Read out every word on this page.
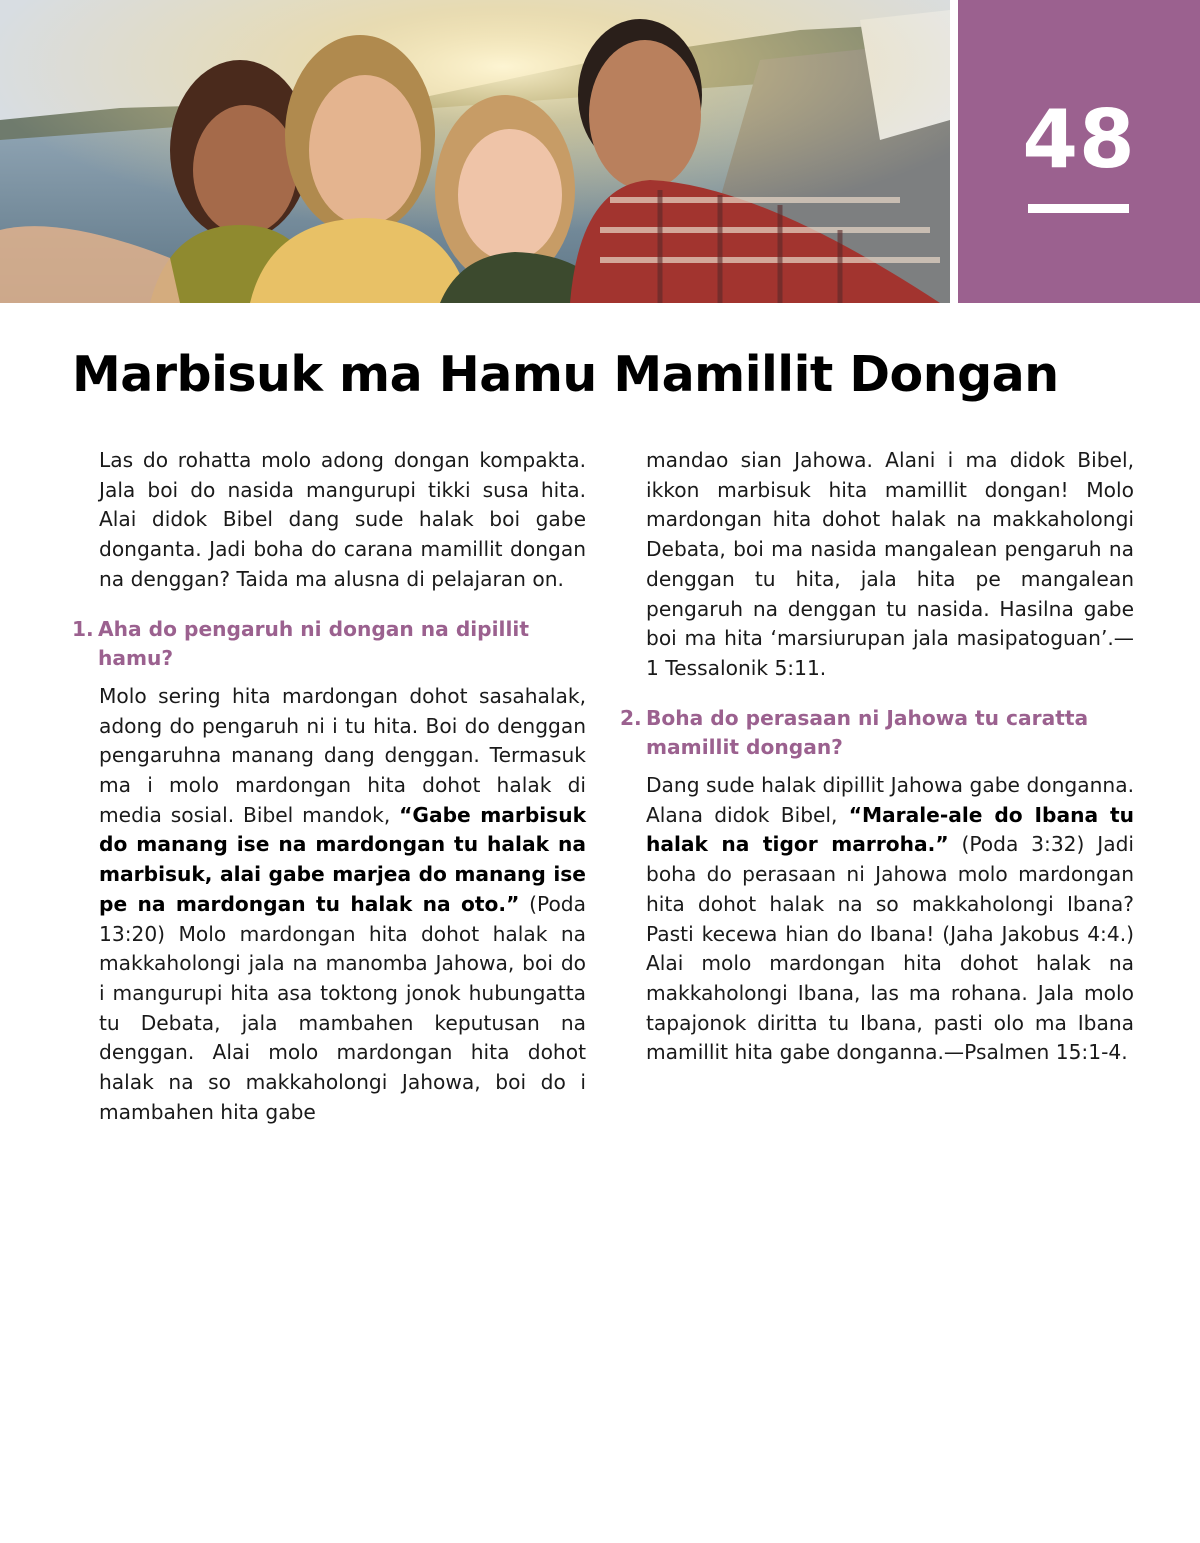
48
Marbisuk ma Hamu Mamillit Dongan

Las do rohatta molo adong dongan kompakta. Jala boi do nasida mangurupi tikki susa hita. Alai didok Bibel dang sude halak boi gabe donganta. Jadi boha do carana mamillit dongan na denggan? Taida ma alusna di pelajaran on.

1. Aha do pengaruh ni dongan na dipillit hamu?

Molo sering hita mardongan dohot sasahalak, adong do pengaruh ni i tu hita. Boi do denggan pengaruhna manang dang denggan. Termasuk ma i molo mardongan hita dohot halak di media sosial. Bibel mandok, “Gabe marbisuk do manang ise na mardongan tu halak na marbisuk, alai gabe marjea do manang ise pe na mardongan tu halak na oto.” (Poda 13:20) Molo mardongan hita dohot halak na makkaholongi jala na manomba Jahowa, boi do i mangurupi hita asa toktong jonok hubungatta tu Debata, jala mambahen keputusan na denggan. Alai molo mardongan hita dohot halak na so makkaholongi Jahowa, boi do i mambahen hita gabe

mandao sian Jahowa. Alani i ma didok Bibel, ikkon marbisuk hita mamillit dongan! Molo mardongan hita dohot halak na makkaholongi Debata, boi ma nasida mangalean pengaruh na denggan tu hita, jala hita pe mangalean pengaruh na denggan tu nasida. Hasilna gabe boi ma hita ‘marsiurupan jala masipatoguan’.—1 Tessalonik 5:11.

2. Boha do perasaan ni Jahowa tu caratta mamillit dongan?

Dang sude halak dipillit Jahowa gabe donganna. Alana didok Bibel, “Marale-ale do Ibana tu halak na tigor marroha.” (Poda 3:32) Jadi boha do perasaan ni Jahowa molo mardongan hita dohot halak na so makkaholongi Ibana? Pasti kecewa hian do Ibana! (Jaha Jakobus 4:4.) Alai molo mardongan hita dohot halak na makkaholongi Ibana, las ma rohana. Jala molo tapajonok diritta tu Ibana, pasti olo ma Ibana mamillit hita gabe donganna.—Psalmen 15:1-4.
